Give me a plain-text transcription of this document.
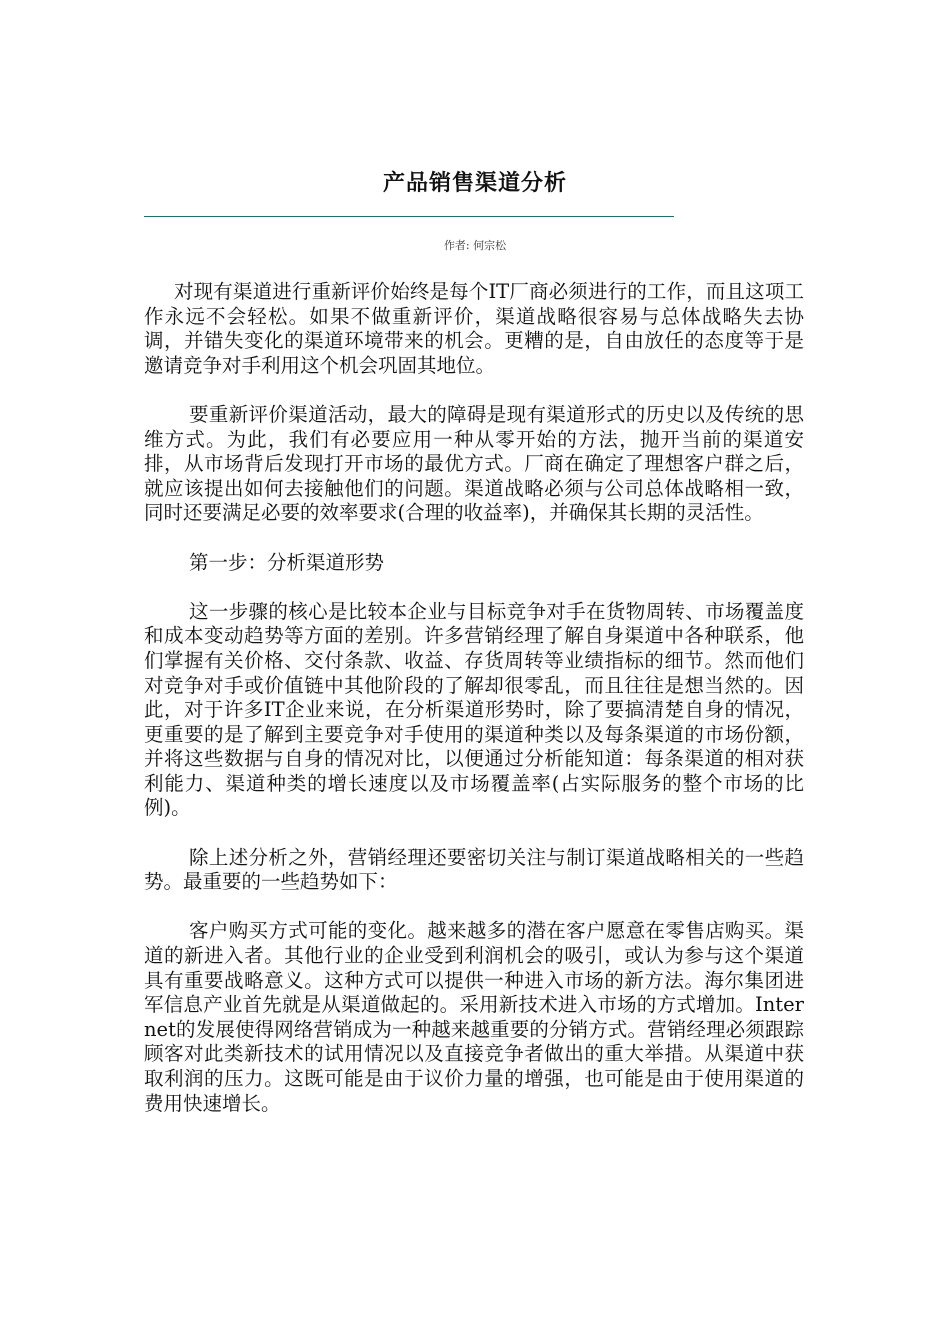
产品销售渠道分析
作者: 何宗松

对现有渠道进行重新评价始终是每个IT厂商必须进行的工作，而且这项工作永远不会轻松。如果不做重新评价，渠道战略很容易与总体战略失去协调，并错失变化的渠道环境带来的机会。更糟的是，自由放任的态度等于是邀请竞争对手利用这个机会巩固其地位。

要重新评价渠道活动，最大的障碍是现有渠道形式的历史以及传统的思维方式。为此，我们有必要应用一种从零开始的方法，抛开当前的渠道安排，从市场背后发现打开市场的最优方式。厂商在确定了理想客户群之后，就应该提出如何去接触他们的问题。渠道战略必须与公司总体战略相一致，同时还要满足必要的效率要求(合理的收益率)，并确保其长期的灵活性。

第一步：分析渠道形势

这一步骤的核心是比较本企业与目标竞争对手在货物周转、市场覆盖度和成本变动趋势等方面的差别。许多营销经理了解自身渠道中各种联系，他们掌握有关价格、交付条款、收益、存货周转等业绩指标的细节。然而他们对竞争对手或价值链中其他阶段的了解却很零乱，而且往往是想当然的。因此，对于许多IT企业来说，在分析渠道形势时，除了要搞清楚自身的情况，更重要的是了解到主要竞争对手使用的渠道种类以及每条渠道的市场份额，并将这些数据与自身的情况对比，以便通过分析能知道：每条渠道的相对获利能力、渠道种类的增长速度以及市场覆盖率(占实际服务的整个市场的比例)。

除上述分析之外，营销经理还要密切关注与制订渠道战略相关的一些趋势。最重要的一些趋势如下：

客户购买方式可能的变化。越来越多的潜在客户愿意在零售店购买。渠道的新进入者。其他行业的企业受到利润机会的吸引，或认为参与这个渠道具有重要战略意义。这种方式可以提供一种进入市场的新方法。海尔集团进军信息产业首先就是从渠道做起的。采用新技术进入市场的方式增加。Internet的发展使得网络营销成为一种越来越重要的分销方式。营销经理必须跟踪顾客对此类新技术的试用情况以及直接竞争者做出的重大举措。从渠道中获取利润的压力。这既可能是由于议价力量的增强，也可能是由于使用渠道的费用快速增长。
